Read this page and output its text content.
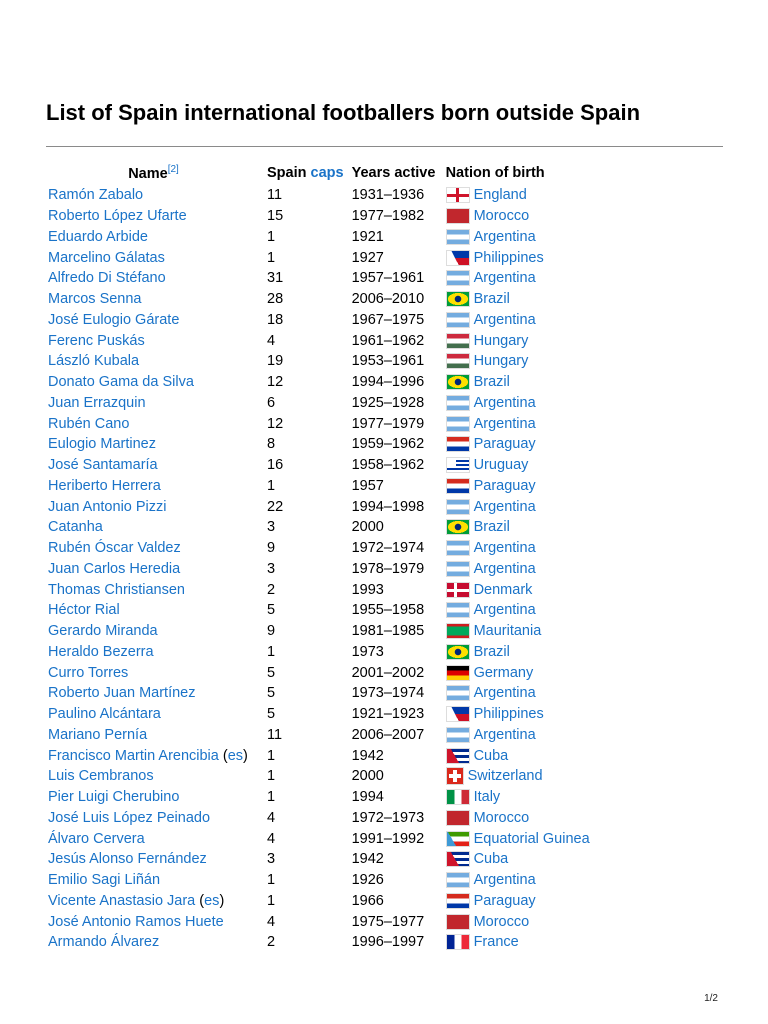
List of Spain international footballers born outside Spain
Name[2]	Spain caps	Years active	Nation of birth
Ramón Zabalo	11	1931–1936	England
Roberto López Ufarte	15	1977–1982	Morocco
Eduardo Arbide	1	1921	Argentina
Marcelino Gálatas	1	1927	Philippines
Alfredo Di Stéfano	31	1957–1961	Argentina
Marcos Senna	28	2006–2010	Brazil
José Eulogio Gárate	18	1967–1975	Argentina
Ferenc Puskás	4	1961–1962	Hungary
László Kubala	19	1953–1961	Hungary
Donato Gama da Silva	12	1994–1996	Brazil
Juan Errazquin	6	1925–1928	Argentina
Rubén Cano	12	1977–1979	Argentina
Eulogio Martinez	8	1959–1962	Paraguay
José Santamaría	16	1958–1962	Uruguay
Heriberto Herrera	1	1957	Paraguay
Juan Antonio Pizzi	22	1994–1998	Argentina
Catanha	3	2000	Brazil
Rubén Óscar Valdez	9	1972–1974	Argentina
Juan Carlos Heredia	3	1978–1979	Argentina
Thomas Christiansen	2	1993	Denmark
Héctor Rial	5	1955–1958	Argentina
Gerardo Miranda	9	1981–1985	Mauritania
Heraldo Bezerra	1	1973	Brazil
Curro Torres	5	2001–2002	Germany
Roberto Juan Martínez	5	1973–1974	Argentina
Paulino Alcántara	5	1921–1923	Philippines
Mariano Pernía	11	2006–2007	Argentina
Francisco Martin Arencibia (es)	1	1942	Cuba
Luis Cembranos	1	2000	Switzerland
Pier Luigi Cherubino	1	1994	Italy
José Luis López Peinado	4	1972–1973	Morocco
Álvaro Cervera	4	1991–1992	Equatorial Guinea
Jesús Alonso Fernández	3	1942	Cuba
Emilio Sagi Liñán	1	1926	Argentina
Vicente Anastasio Jara (es)	1	1966	Paraguay
José Antonio Ramos Huete	4	1975–1977	Morocco
Armando Álvarez	2	1996–1997	France
1/2
